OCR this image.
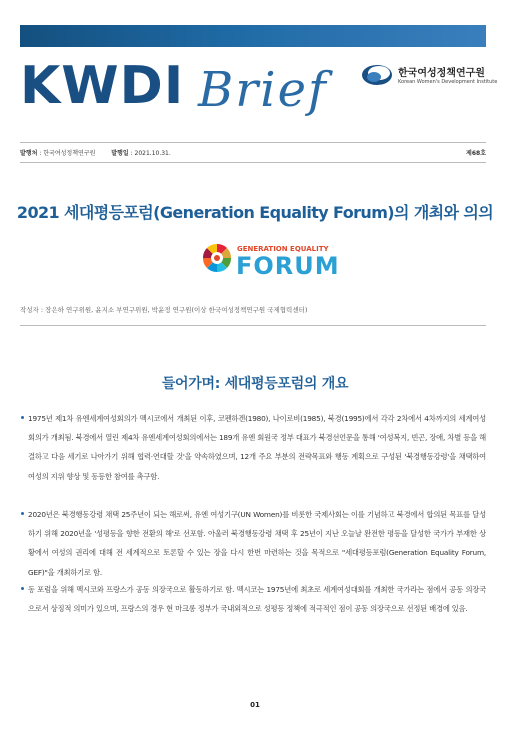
KWDI Brief	한국여성정책연구원
Korean Women's Development Institute
발행처 : 한국여성정책연구원	발행일 : 2021.10.31.	제68호
2021 세대평등포럼(Generation Equality Forum)의 개최와 의의
GENERATION EQUALITY
FORUM
작성자 : 장은하 연구위원, 윤지소 부연구위원, 박윤정 연구원(이상 한국여성정책연구원 국제협력센터)
들어가며: 세대평등포럼의 개요
1975년 제1차 유엔세계여성회의가 멕시코에서 개최된 이후, 코펜하겐(1980), 나이로비(1985), 북경(1995)에서 각각 2차에서 4차까지의 세계여성회의가 개최됨. 북경에서 열린 제4차 유엔세계여성회의에서는 189개 유엔 회원국 정부 대표가 북경선언문을 통해 '여성복지, 빈곤, 장애, 차별 등을 해결하고 다음 세기로 나아가기 위해 협력·연대할 것'을 약속하였으며, 12개 주요 부분의 전략목표와 행동 계획으로 구성된 '북경행동강령'을 채택하여 여성의 지위 향상 및 동등한 참여를 촉구함.
2020년은 북경행동강령 채택 25주년이 되는 해로써, 유엔 여성기구(UN Women)를 비롯한 국제사회는 이를 기념하고 북경에서 합의된 목표를 달성하기 위해 2020년을 '성평등을 향한 전환의 해'로 선포함. 아울러 북경행동강령 채택 후 25년이 지난 오늘날 완전한 평등을 달성한 국가가 부재한 상황에서 여성의 권리에 대해 전 세계적으로 토론할 수 있는 장을 다시 한번 마련하는 것을 목적으로 "세대평등포럼(Generation Equality Forum, GEF)"을 개최하기로 함.
동 포럼을 위해 멕시코와 프랑스가 공동 의장국으로 활동하기로 함. 멕시코는 1975년에 최초로 세계여성대회를 개최한 국가라는 점에서 공동 의장국으로서 상징적 의미가 있으며, 프랑스의 경우 현 마크롱 정부가 국내외적으로 성평등 정책에 적극적인 점이 공동 의장국으로 선정된 배경에 있음.
01
